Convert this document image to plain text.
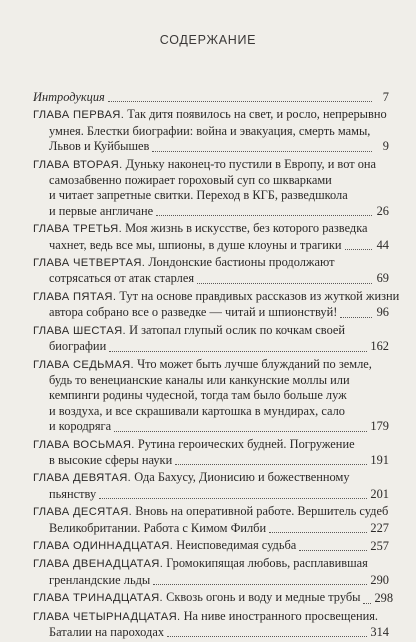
СОДЕРЖАНИЕ
Интродукция	7
ГЛАВА ПЕРВАЯ. Так дитя появилось на свет, и росло, непрерывно
умнея. Блестки биографии: война и эвакуация, смерть мамы,
Львов и Куйбышев	9
ГЛАВА ВТОРАЯ. Дуньку наконец-то пустили в Европу, и вот она
самозабвенно пожирает гороховый суп со шкварками
и читает запретные свитки. Переход в КГБ, разведшкола
и первые англичане	26
ГЛАВА ТРЕТЬЯ. Моя жизнь в искусстве, без которого разведка
чахнет, ведь все мы, шпионы, в душе клоуны и трагики	44
ГЛАВА ЧЕТВЕРТАЯ. Лондонские бастионы продолжают
сотрясаться от атак старлея	69
ГЛАВА ПЯТАЯ. Тут на основе правдивых рассказов из жуткой жизни
автора собрано все о разведке — читай и шпионствуй!	96
ГЛАВА ШЕСТАЯ. И затопал глупый ослик по кочкам своей
биографии	162
ГЛАВА СЕДЬМАЯ. Что может быть лучше блужданий по земле,
будь то венецианские каналы или канкунские моллы или
кемпинги родины чудесной, тогда там было больше луж
и воздуха, и все скрашивали картошка в мундирах, сало
и кородряга	179
ГЛАВА ВОСЬМАЯ. Рутина героических будней. Погружение
в высокие сферы науки	191
ГЛАВА ДЕВЯТАЯ. Ода Бахусу, Дионисию и божественному
пьянству	201
ГЛАВА ДЕСЯТАЯ. Вновь на оперативной работе. Вершитель судеб
Великобритании. Работа с Кимом Филби	227
ГЛАВА ОДИННАДЦАТАЯ. Неисповедимая судьба	257
ГЛАВА ДВЕНАДЦАТАЯ. Громокипящая любовь, расплавившая
гренландские льды	290
ГЛАВА ТРИНАДЦАТАЯ. Сквозь огонь и воду и медные трубы 298
ГЛАВА ЧЕТЫРНАДЦАТАЯ. На ниве иностранного просвещения.
Баталии на пароходах	314
